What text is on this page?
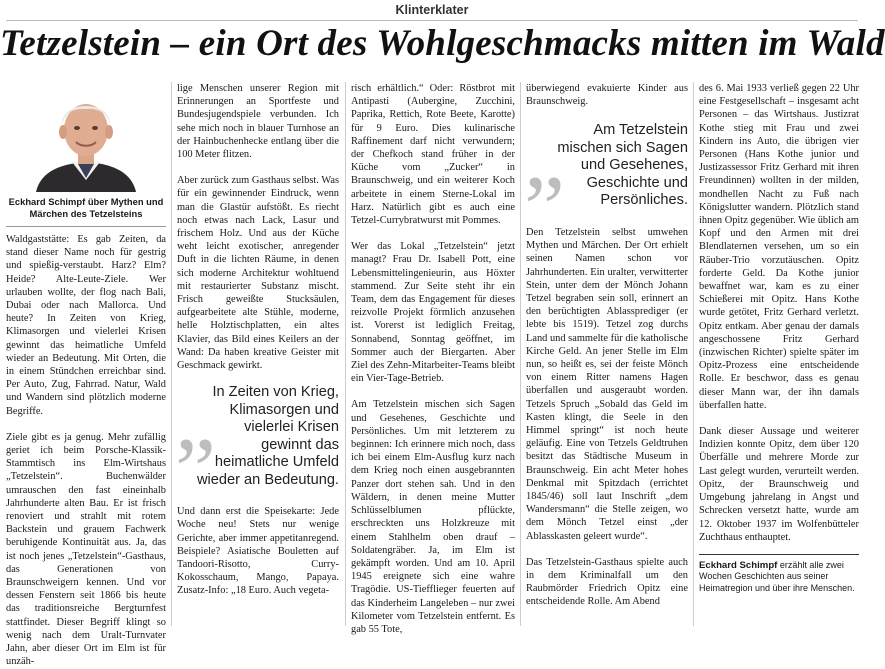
Klinterklater
Tetzelstein – ein Ort des Wohlgeschmacks mitten im Wald
Eckhard Schimpf über Mythen und Märchen des Tetzelsteins

Waldgaststätte: Es gab Zeiten, da stand dieser Name noch für gestrig und spießig-verstaubt. Harz? Elm? Heide? Alte-Leute-Ziele. Wer urlauben wollte, der flog nach Bali, Dubai oder nach Mallorca. Und heute? In Zeiten von Krieg, Klimasorgen und vielerlei Krisen gewinnt das heimatliche Umfeld wieder an Bedeutung. Mit Orten, die in einem Stündchen erreichbar sind. Per Auto, Zug, Fahrrad. Natur, Wald und Wandern sind plötzlich moderne Begriffe.

Ziele gibt es ja genug. Mehr zufällig geriet ich beim Porsche-Klassik-Stammtisch ins Elm-Wirtshaus „Tetzelstein“. Buchenwälder umrauschen den fast eineinhalb Jahrhunderte alten Bau. Er ist frisch renoviert und strahlt mit rotem Backstein und grauem Fachwerk beruhigende Kontinuität aus. Ja, das ist noch jenes „Tetzelstein“-Gasthaus, das Generationen von Braunschweigern kennen. Und vor dessen Fenstern seit 1866 bis heute das traditionsreiche Bergturnfest stattfindet. Dieser Begriff klingt so wenig nach dem Uralt-Turnvater Jahn, aber dieser Ort im Elm ist für unzäh-

lige Menschen unserer Region mit Erinnerungen an Sportfeste und Bundesjugendspiele verbunden. Ich sehe mich noch in blauer Turnhose an der Hainbuchenhecke entlang über die 100 Meter flitzen.

Aber zurück zum Gasthaus selbst. Was für ein gewinnender Eindruck, wenn man die Glastür aufstößt. Es riecht noch etwas nach Lack, Lasur und frischem Holz. Und aus der Küche weht leicht exotischer, anregender Duft in die lichten Räume, in denen sich moderne Architektur wohltuend mit restaurierter Substanz mischt. Frisch geweißte Stucksäulen, aufgearbeitete alte Stühle, moderne, helle Holztischplatten, ein altes Klavier, das Bild eines Keilers an der Wand: Da haben kreative Geister mit Geschmack gewirkt.

„
In Zeiten von Krieg, Klimasorgen und vielerlei Krisen gewinnt das heimatliche Umfeld wieder an Bedeutung.

Und dann erst die Speisekarte: Jede Woche neu! Stets nur wenige Gerichte, aber immer appetitanregend. Beispiele? Asiatische Bouletten auf Tandoori-Risotto, Curry-Kokosschaum, Mango, Papaya. Zusatz-Info: „18 Euro. Auch vegeta-

risch erhältlich.“ Oder: Röstbrot mit Antipasti (Aubergine, Zucchini, Paprika, Rettich, Rote Beete, Karotte) für 9 Euro. Dies kulinarische Raffinement darf nicht verwundern; der Chefkoch stand früher in der Küche vom „Zucker“ in Braunschweig, und ein weiterer Koch arbeitete in einem Sterne-Lokal im Harz. Natürlich gibt es auch eine Tetzel-Currybratwurst mit Pommes.

Wer das Lokal „Tetzelstein“ jetzt managt? Frau Dr. Isabell Pott, eine Lebensmittelingenieurin, aus Höxter stammend. Zur Seite steht ihr ein Team, dem das Engagement für dieses reizvolle Projekt förmlich anzusehen ist. Vorerst ist lediglich Freitag, Sonnabend, Sonntag geöffnet, im Sommer auch der Biergarten. Aber Ziel des Zehn-Mitarbeiter-Teams bleibt ein Vier-Tage-Betrieb.

Am Tetzelstein mischen sich Sagen und Gesehenes, Geschichte und Persönliches. Um mit letzterem zu beginnen: Ich erinnere mich noch, dass ich bei einem Elm-Ausflug kurz nach dem Krieg noch einen ausgebrannten Panzer dort stehen sah. Und in den Wäldern, in denen meine Mutter Schlüsselblumen pflückte, erschreckten uns Holzkreuze mit einem Stahlhelm oben drauf – Soldatengräber. Ja, im Elm ist gekämpft worden. Und am 10. April 1945 ereignete sich eine wahre Tragödie. US-Tiefflieger feuerten auf das Kinderheim Langeleben – nur zwei Kilometer vom Tetzelstein entfernt. Es gab 55 Tote,

überwiegend evakuierte Kinder aus Braunschweig.

„ Am Tetzelstein mischen sich Sagen und Gesehenes, Geschichte und Persönliches.

Den Tetzelstein selbst umwehen Mythen und Märchen. Der Ort erhielt seinen Namen schon vor Jahrhunderten. Ein uralter, verwitterter Stein, unter dem der Mönch Johann Tetzel begraben sein soll, erinnert an den berüchtigten Ablassprediger (er lebte bis 1519). Tetzel zog durchs Land und sammelte für die katholische Kirche Geld. An jener Stelle im Elm nun, so heißt es, sei der feiste Mönch von einem Ritter namens Hagen überfallen und ausgeraubt worden. Tetzels Spruch „Sobald das Geld im Kasten klingt, die Seele in den Himmel springt“ ist noch heute geläufig. Eine von Tetzels Geldtruhen besitzt das Städtische Museum in Braunschweig. Ein acht Meter hohes Denkmal mit Spitzdach (errichtet 1845/46) soll laut Inschrift „dem Wandersmann“ die Stelle zeigen, wo dem Mönch Tetzel einst „der Ablasskasten geleert wurde“.

Das Tetzelstein-Gasthaus spielte auch in dem Kriminalfall um den Raubmörder Friedrich Opitz eine entscheidende Rolle. Am Abend

des 6. Mai 1933 verließ gegen 22 Uhr eine Festgesellschaft – insgesamt acht Personen – das Wirtshaus. Justizrat Kothe stieg mit Frau und zwei Kindern ins Auto, die übrigen vier Personen (Hans Kothe junior und Justizassessor Fritz Gerhard mit ihren Freundinnen) wollten in der milden, mondhellen Nacht zu Fuß nach Königslutter wandern. Plötzlich stand ihnen Opitz gegenüber. Wie üblich am Kopf und den Armen mit drei Blendlaternen versehen, um so ein Räuber-Trio vorzutäuschen. Opitz forderte Geld. Da Kothe junior bewaffnet war, kam es zu einer Schießerei mit Opitz. Hans Kothe wurde getötet, Fritz Gerhard verletzt. Opitz entkam. Aber genau der damals angeschossene Fritz Gerhard (inzwischen Richter) spielte später im Opitz-Prozess eine entscheidende Rolle. Er beschwor, dass es genau dieser Mann war, der ihn damals überfallen hatte.

Dank dieser Aussage und weiterer Indizien konnte Opitz, dem über 120 Überfälle und mehrere Morde zur Last gelegt wurden, verurteilt werden. Opitz, der Braunschweig und Umgebung jahrelang in Angst und Schrecken versetzt hatte, wurde am 12. Oktober 1937 im Wolfenbütteler Zuchthaus enthauptet.

Eckhard Schimpf erzählt alle zwei Wochen Geschichten aus seiner Heimatregion und über ihre Menschen.
